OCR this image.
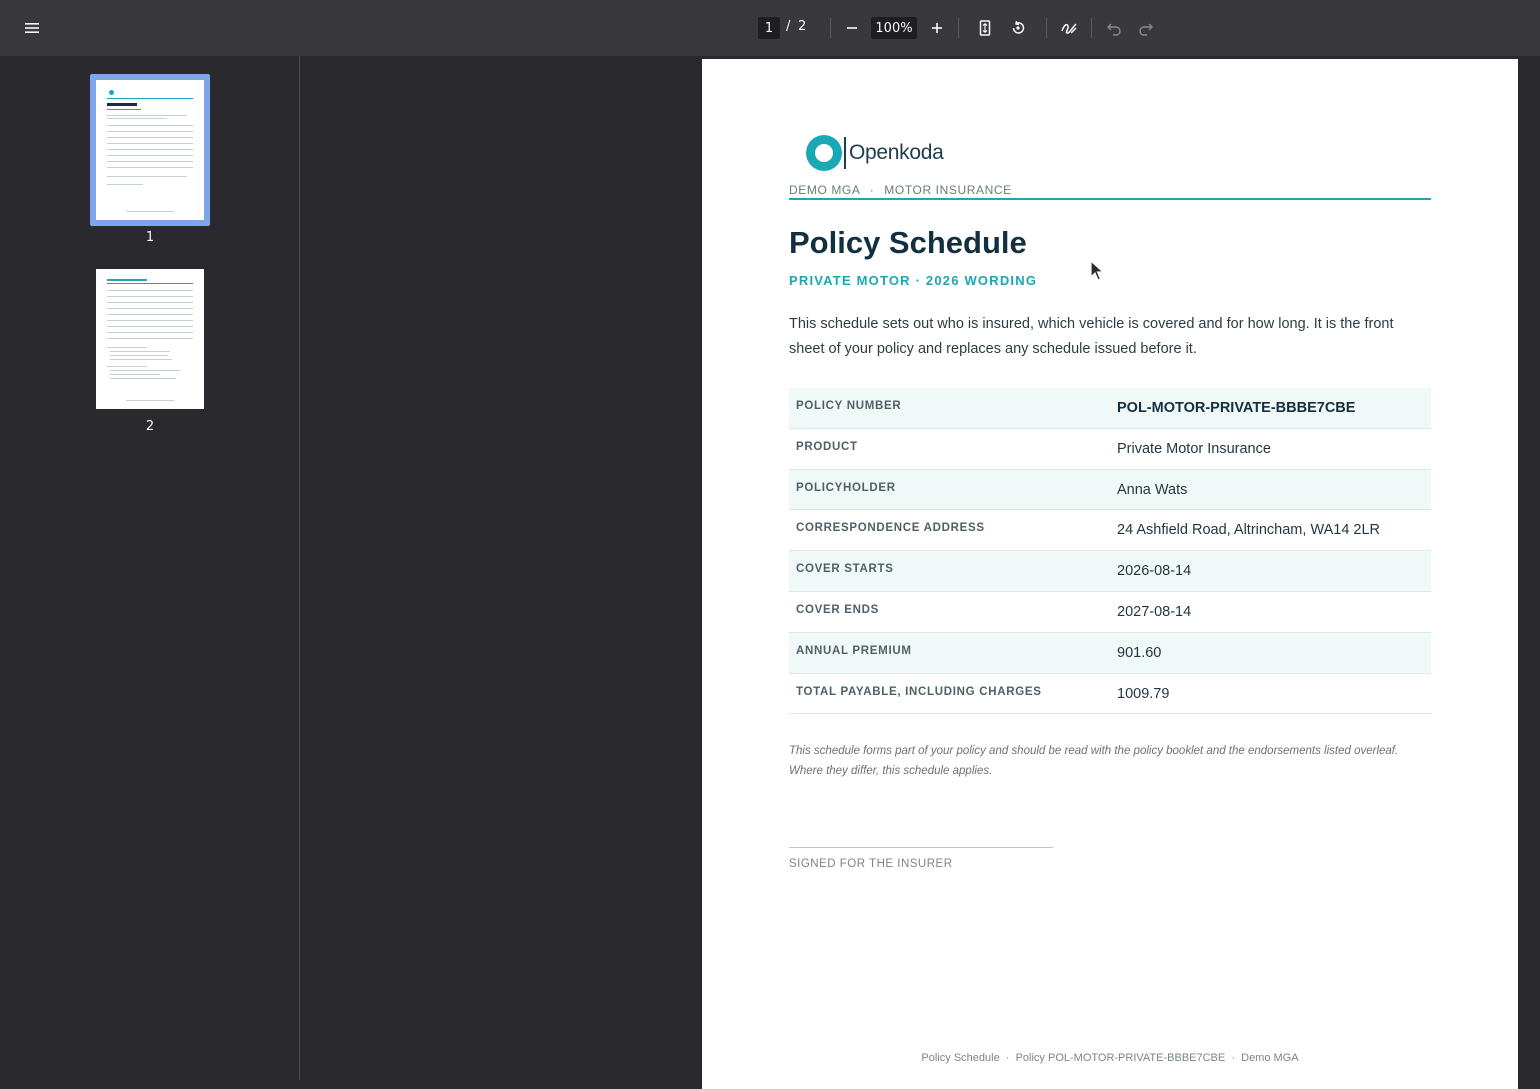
1 / 2	100%
1
2
Openkoda
DEMO MGA · MOTOR INSURANCE
Policy Schedule
PRIVATE MOTOR · 2026 WORDING
This schedule sets out who is insured, which vehicle is covered and for how long. It is the front sheet of your policy and replaces any schedule issued before it.
POLICY NUMBER	POL-MOTOR-PRIVATE-BBBE7CBE
PRODUCT	Private Motor Insurance
POLICYHOLDER	Anna Wats
CORRESPONDENCE ADDRESS	24 Ashfield Road, Altrincham, WA14 2LR
COVER STARTS	2026-08-14
COVER ENDS	2027-08-14
ANNUAL PREMIUM	901.60
TOTAL PAYABLE, INCLUDING CHARGES	1009.79
This schedule forms part of your policy and should be read with the policy booklet and the endorsements listed overleaf. Where they differ, this schedule applies.
SIGNED FOR THE INSURER
Policy Schedule  ·  Policy POL-MOTOR-PRIVATE-BBBE7CBE  ·  Demo MGA
